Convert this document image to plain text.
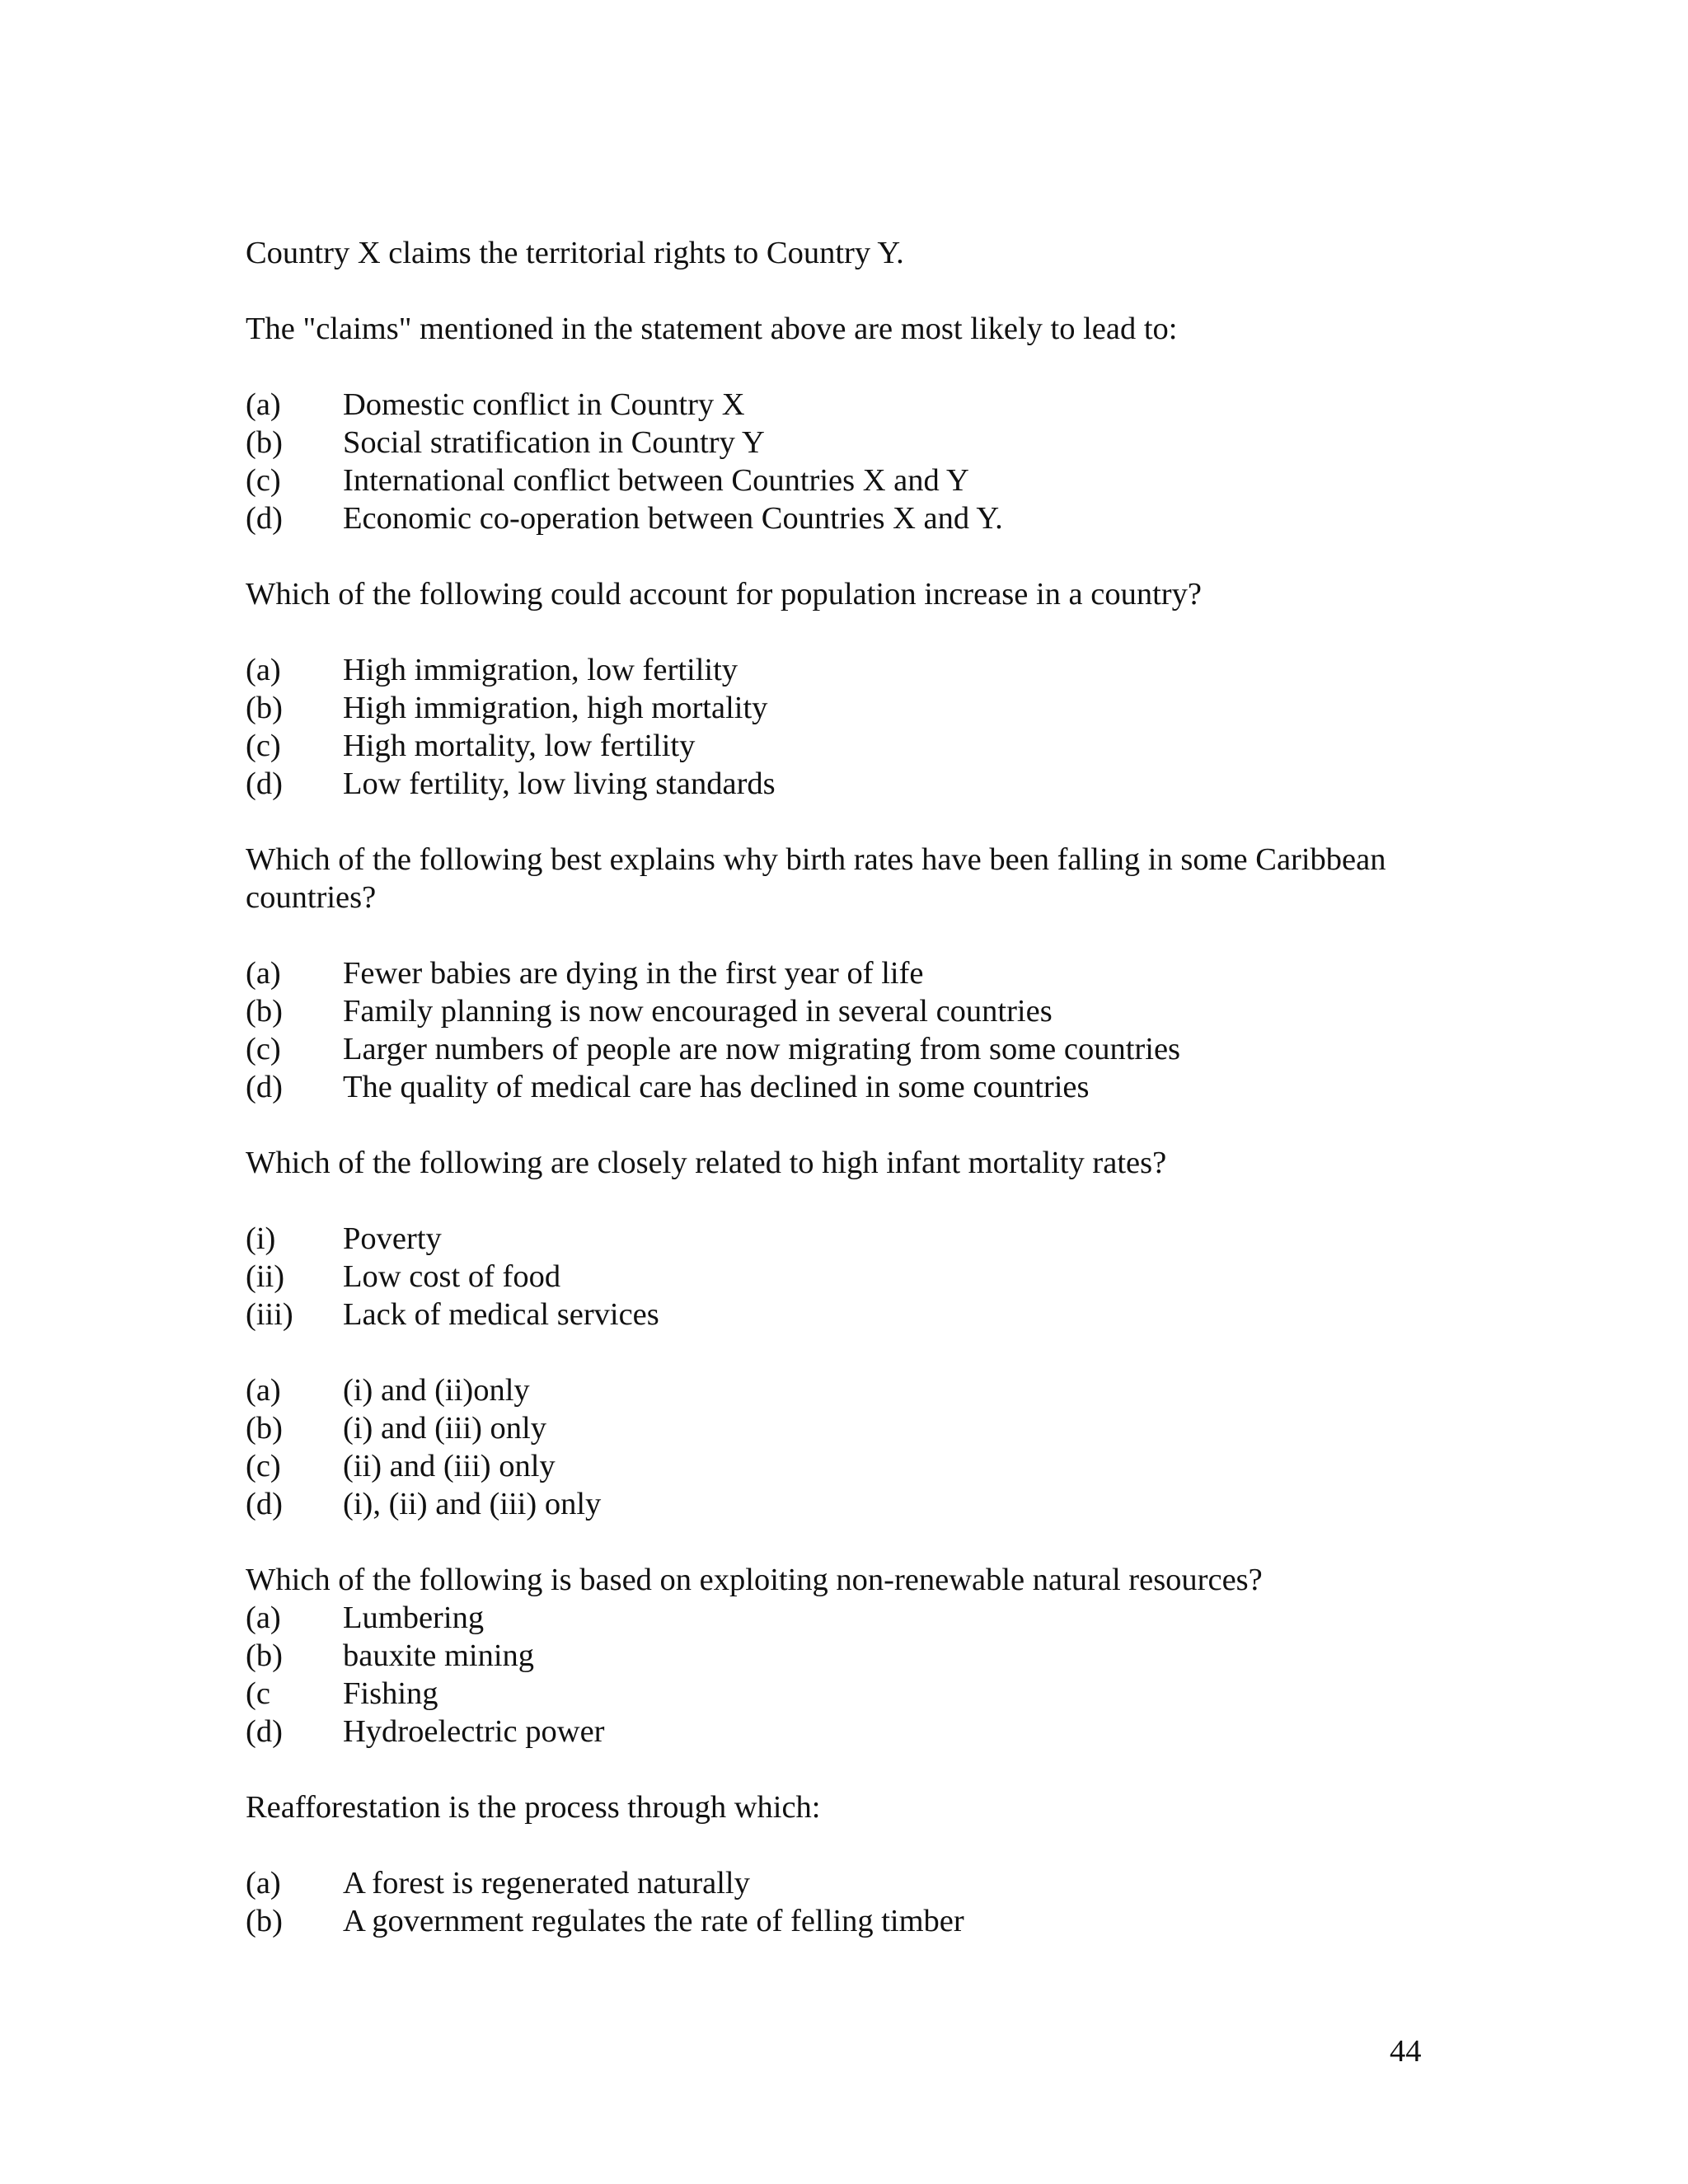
Country X claims the territorial rights to Country Y.

The "claims" mentioned in the statement above are most likely to lead to:

(a)	Domestic conflict in Country X
(b)	Social stratification in Country Y
(c)	International conflict between Countries X and Y
(d)	Economic co-operation between Countries X and Y.

Which of the following could account for population increase in a country?

(a)	High immigration, low fertility
(b)	High immigration, high mortality
(c)	High mortality, low fertility
(d)	Low fertility, low living standards

Which of the following best explains why birth rates have been falling in some Caribbean countries?

(a)	Fewer babies are dying in the first year of life
(b)	Family planning is now encouraged in several countries
(c)	Larger numbers of people are now migrating from some countries
(d)	The quality of medical care has declined in some countries

Which of the following are closely related to high infant mortality rates?

(i)	Poverty
(ii)	Low cost of food
(iii)	Lack of medical services
(a)	(i) and (ii)only
(b)	(i) and (iii) only
(c)	(ii) and (iii) only
(d)	(i), (ii) and (iii) only

Which of the following is based on exploiting non-renewable natural resources?

(a)	Lumbering
(b)	bauxite mining
(c	Fishing
(d)	Hydroelectric power

Reafforestation is the process through which:

(a)	A forest is regenerated naturally
(b)	A government regulates the rate of felling timber
44
